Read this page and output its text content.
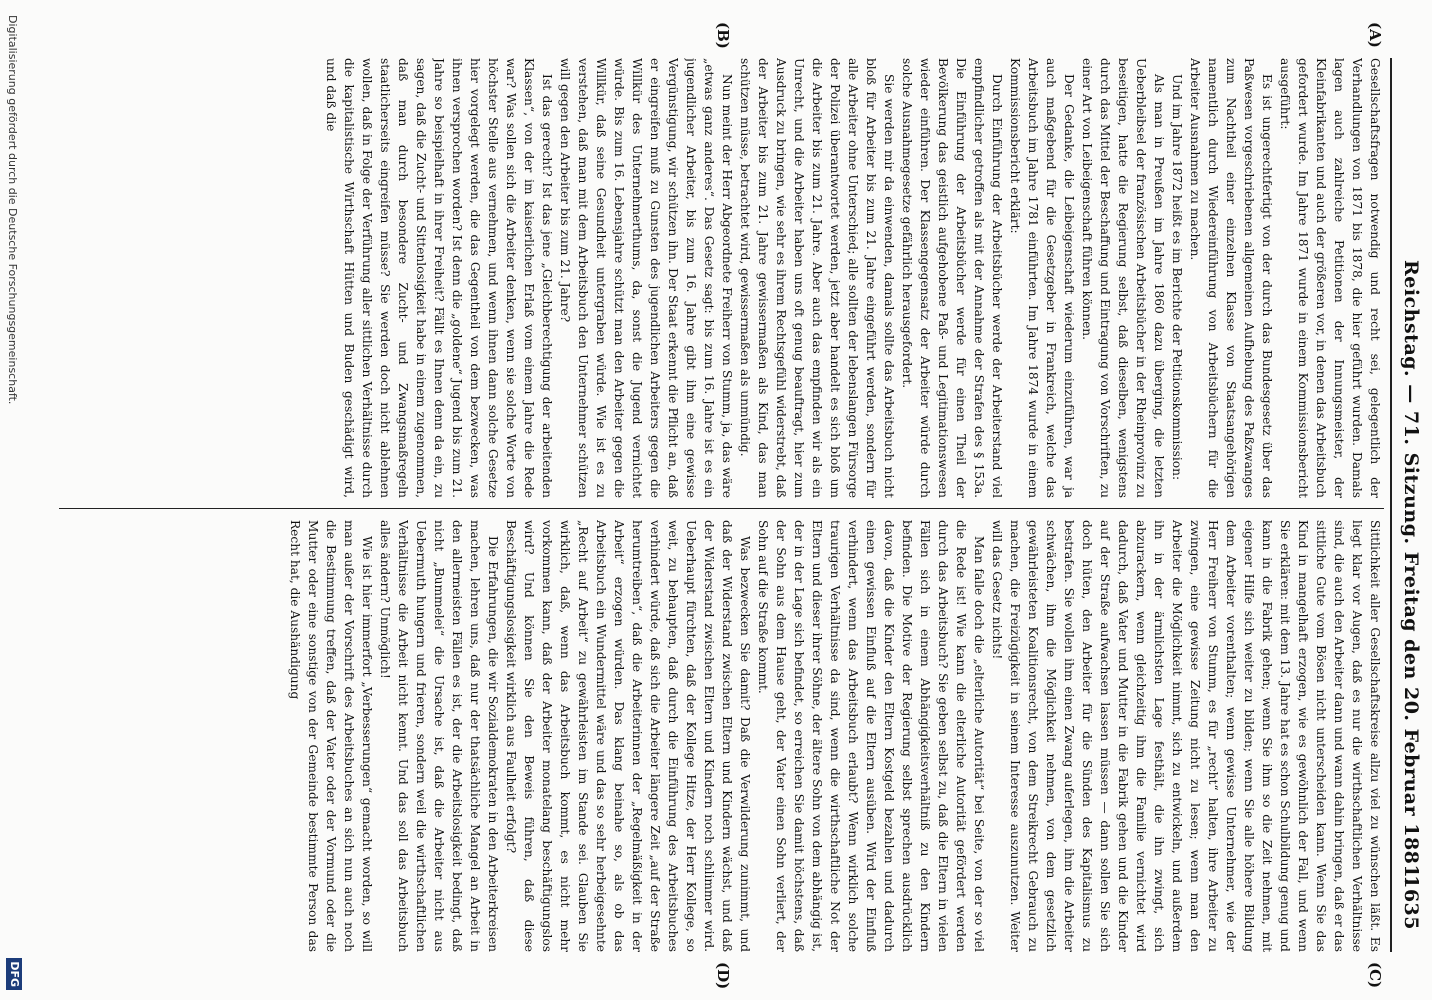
Reichstag. — 71. Sitzung. Freitag den 20. Februar 1881.
1635
(A)
(B)
(C)
(D)

Gesellschaftsfragen notwendig und recht sei, gelegentlich der Verhandlungen von 1871 bis 1878, die hier geführt wurden. Damals lagen auch zahlreiche Petitionen der Innungsmeister, der Kleinfabrikanten und auch der größeren vor, in denen das Arbeitsbuch gefordert wurde. Im Jahre 1871 wurde in einem Kommissionsbericht ausgeführt:

Es ist ungerechtfertigt von der durch das Bundesgesetz über das Paßwesen vorgeschriebenen allgemeinen Aufhebung des Paßzwanges zum Nachtheil einer einzelnen Klasse von Staatsangehörigen namentlich durch Wiedereinführung von Arbeitsbüchern für die Arbeiter Ausnahmen zu machen.

Und im Jahre 1872 heißt es im Berichte der Petitionskommission:

Als man in Preußen im Jahre 1860 dazu überging, die letzten Ueberbleibsel der französischen Arbeitsbücher in der Rheinprovinz zu beseitigen, hatte die Regierung selbst, daß dieselben, wenigstens durch das Mittel der Beschaffung und Eintragung von Vorschriften, zu einer Art von Leibeigenschaft führen können.

Der Gedanke, die Leibeigenschaft wiederum einzuführen, war ja auch maßgebend für die Gesetzgeber in Frankreich, welche das Arbeitsbuch im Jahre 1781 einführten. Im Jahre 1874 wurde in einem Kommissionsbericht erklärt:

Durch Einführung der Arbeitsbücher werde der Arbeiterstand viel empfindlicher getroffen als mit der Annahme der Strafen des § 153a. Die Einführung der Arbeitsbücher werde für einen Theil der Bevölkerung das geistlich aufgehobene Paß- und Legitimationswesen wieder einführen. Der Klassengegensatz der Arbeiter würde durch solche Ausnahmegesetze gefährlich herausgefordert.

Sie werden mir da einwenden, damals sollte das Arbeitsbuch nicht bloß für Arbeiter bis zum 21. Jahre eingeführt werden, sondern für alle Arbeiter ohne Unterschied; alle sollten der lebenslangen Fürsorge der Polizei überantwortet werden, jetzt aber handelt es sich bloß um die Arbeiter bis zum 21. Jahre. Aber auch das empfinden wir als ein Unrecht, und die Arbeiter haben uns oft genug beauftragt, hier zum Ausdruck zu bringen, wie sehr es ihrem Rechtsgefühl widerstrebt, daß der Arbeiter bis zum 21. Jahre gewissermaßen als Kind, das man schützen müsse, betrachtet wird, gewissermaßen als unmündig.

Nun meint der Herr Abgeordnete Freiherr von Stumm, ja, das wäre „etwas ganz anderes“. Das Gesetz sagt: bis zum 16. Jahre ist es ein jugendlicher Arbeiter, bis zum 16. Jahre gibt ihm eine gewisse Vergünstigung, wir schützen ihn. Der Staat erkennt die Pflicht an, daß er eingreifen muß zu Gunsten des jugendlichen Arbeiters gegen die Willkür des Unternehmerthums, da, sonst die Jugend vernichtet würde. Bis zum 16. Lebensjahre schützt man den Arbeiter gegen die Willkür, daß seine Gesundheit untergraben würde. Wie ist es zu verstehen, daß man mit dem Arbeitsbuch den Unternehmer schützen will gegen den Arbeiter bis zum 21. Jahre?

Ist das gerecht? Ist das jene „Gleichberechtigung der arbeitenden Klassen“, von der im kaiserlichen Erlaß vom einem Jahre die Rede war? Was sollen sich die Arbeiter denken, wenn sie solche Worte von höchster Stelle aus vernehmen, und wenn ihnen dann solche Gesetze hier vorgelegt werden, die das Gegentheil von dem bezwecken, was ihnen versprochen worden? Ist denn die „goldene“ Jugend bis zum 21. Jahre so beispielhaft in ihrer Freiheit? Fällt es Ihnen denn da ein, zu sagen, daß die Zucht- und Sittenlosigkeit habe in einem zugenommen, daß man durch besondere Zucht- und Zwangsmaßregeln staatlicherseits eingreifen müsse? Sie werden doch nicht ablehnen wollen, daß in Folge der Verführung aller sittlichen Verhältnisse durch die kapitalistische Wirthschaft Hütten und Buden geschädigt wird, und daß die

Sittlichkeit aller Gesellschaftskreise allzu viel zu wünschen läßt. Es liegt klar vor Augen, daß es nur die wirthschaftlichen Verhältnisse sind, die auch den Arbeiter dann und wann dahin bringen, daß er das sittliche Gute vom Bösen nicht unterscheiden kann. Wenn Sie das Kind in mangelhaft erzogen, wie es gewöhnlich der Fall, und wenn Sie erklären: mit dem 13. Jahre hat es schon Schulbildung genug und kann in die Fabrik gehen; wenn Sie ihm so die Zeit nehmen, mit eigener Hilfe sich weiter zu bilden; wenn Sie alle höhere Bildung dem Arbeiter vorenthalten; wenn gewisse Unternehmer, wie der Herr Freiherr von Stumm, es für „recht“ halten, ihre Arbeiter zu zwingen, eine gewisse Zeitung nicht zu lesen; wenn man den Arbeiter die Möglichkeit nimmt, sich zu entwickeln, und außerdem ihn in der ärmlichsten Lage festhält, die ihn zwingt, sich abzurackern, wenn gleichzeitig ihm die Familie vernichtet wird dadurch, daß Vater und Mutter in die Fabrik gehen und die Kinder auf der Straße aufwachsen lassen müssen — dann sollen Sie sich doch hüten, den Arbeiter für die Sünden des Kapitalismus zu bestrafen. Sie wollen ihm einen Zwang auferlegen, ihm die Arbeiter schwächen, ihm die Möglichkeit nehmen, von dem gesetzlich gewährleisteten Koalitionsrecht, von dem Streikrecht Gebrauch zu machen, die Freizügigkeit in seinem Interesse auszunutzen. Weiter will das Gesetz nichts!

Man falle doch die „elterliche Autorität“ bei Seite, von der so viel die Rede ist! Wie kann die elterliche Autorität gefördert werden durch das Arbeitsbuch? Sie geben selbst zu, daß die Eltern in vielen Fällen sich in einem Abhängigkeitsverhältniß zu den Kindern befinden. Die Motive der Regierung selbst sprechen ausdrücklich davon, daß die Kinder den Eltern Kostgeld bezahlen und dadurch einen gewissen Einfluß auf die Eltern ausüben. Wird der Einfluß verhindert, wenn das Arbeitsbuch erlaubt? Wenn wirklich solche traurigen Verhältnisse da sind, wenn die wirthschaftliche Not der Eltern und dieser ihrer Söhne, der ältere Sohn von dem abhängig ist, der in der Lage sich befindet, so erreichen Sie damit höchstens, daß der Sohn aus dem Hause geht, der Vater einen Sohn verliert, der Sohn auf die Straße kommt.

Was bezwecken Sie damit? Daß die Verwilderung zunimmt, und daß der Widerstand zwischen Eltern und Kindern wächst, und daß der Widerstand zwischen Eltern und Kindern noch schlimmer wird. Ueberhaupt fürchten, daß der Kollege Hitze, der Herr Kollege, so weit, zu behaupten, daß durch die Einführung des Arbeitsbuches verhindert würde, daß sich die Arbeiter längere Zeit „auf der Straße herumtreiben“, daß die Arbeiterinnen der „Regelmäßigkeit in der Arbeit“ erzogen würden. Das klang beinahe so, als ob das Arbeitsbuch ein Wundermittel wäre und das so sehr herbeigesehnte „Recht auf Arbeit“ zu gewährleisten im Stande sei. Glauben Sie wirklich, daß, wenn das Arbeitsbuch kommt, es nicht mehr vorkommen kann, daß der Arbeiter monatelang beschäftigungslos wird? Und können Sie den Beweis führen, daß diese Beschäftigungslosigkeit wirklich aus Faulheit erfolgt?

Die Erfahrungen, die wir Sozialdemokraten in den Arbeiterkreisen machen, lehren uns, daß nur der thatsächliche Mangel an Arbeit in den allermeisten Fällen es ist, der die Arbeitslosigkeit bedingt, daß nicht „Bummelei“ die Ursache ist, daß die Arbeiter nicht aus Uebermuth hungern und frieren, sondern weil die wirthschaftlichen Verhältnisse die Arbeit nicht kennt. Und das soll das Arbeitsbuch alles ändern? Unmöglich!

Wie ist hier immerfort „Verbesserungen“ gemacht worden, so will man außer der Vorschrift des Arbeitsbuches an sich nun auch noch die Bestimmung treffen, daß der Vater oder der Vormund oder die Mutter oder eine sonstige von der Gemeinde bestimmte Person das Recht hat, die Aushändigung

Digitalisierung gefördert durch die Deutsche Forschungsgemeinschaft.
DFG
